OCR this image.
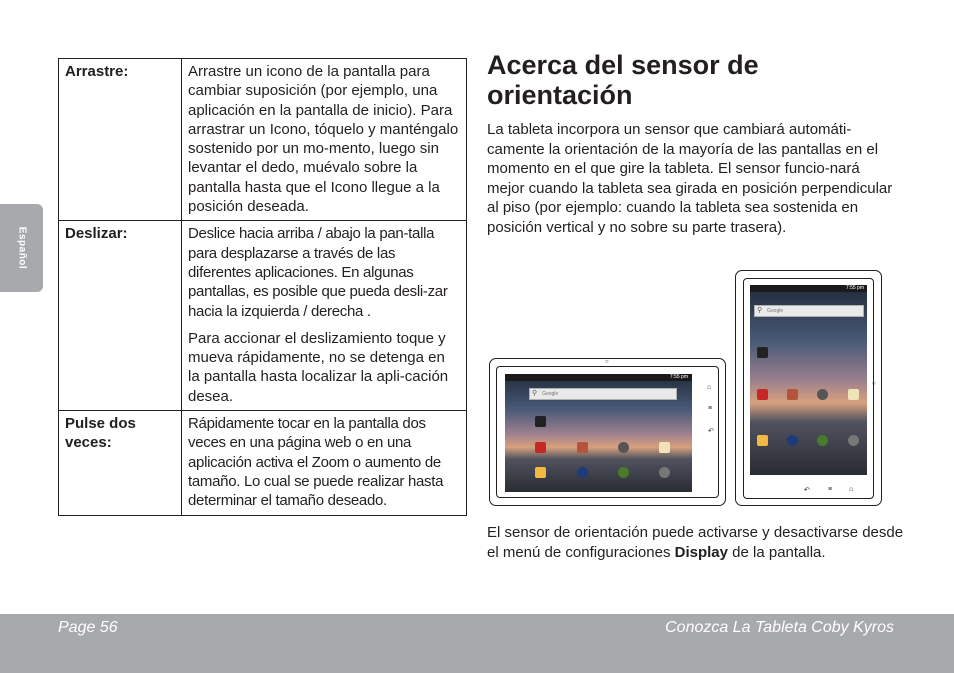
Español
Arrastre:	Arrastre un icono de la pantalla para cambiar suposición (por ejemplo, una aplicación en la pantalla de inicio). Para arrastrar un Icono, tóquelo y manténgalo sostenido por un mo-mento, luego sin levantar el dedo, muévalo sobre la pantalla hasta que el Icono llegue a la posición deseada.

Deslizar:	Deslice hacia arriba / abajo la pan-talla para desplazarse a través de las diferentes aplicaciones. En algunas pantallas, es posible que pueda desli-zar hacia la izquierda / derecha .
Para accionar el deslizamiento toque y mueva rápidamente, no se detenga en la pantalla hasta localizar la apli-cación desea.

Pulse dos veces:	Rápidamente tocar en la pantalla dos veces en una página web o en una aplicación activa el Zoom o aumento de tamaño. Lo cual se puede realizar hasta determinar el tamaño deseado.
Acerca del sensor de orientación

La tableta incorpora un sensor que cambiará automáti-camente la orientación de la mayoría de las pantallas en el momento en el que gire la tableta. El sensor funcio-nará mejor cuando la tableta sea girada en posición perpendicular al piso (por ejemplo: cuando la tableta sea sostenida en posición vertical y no sobre su parte trasera).

7:55 pm
⚲ Google
⌂
≡
↶
○
7:55 pm
⚲ Google
↶	≡ ⌂
○

El sensor de orientación puede activarse y desactivarse desde el menú de configuraciones Display de la pantalla.

Page 56	Conozca La Tableta Coby Kyros
